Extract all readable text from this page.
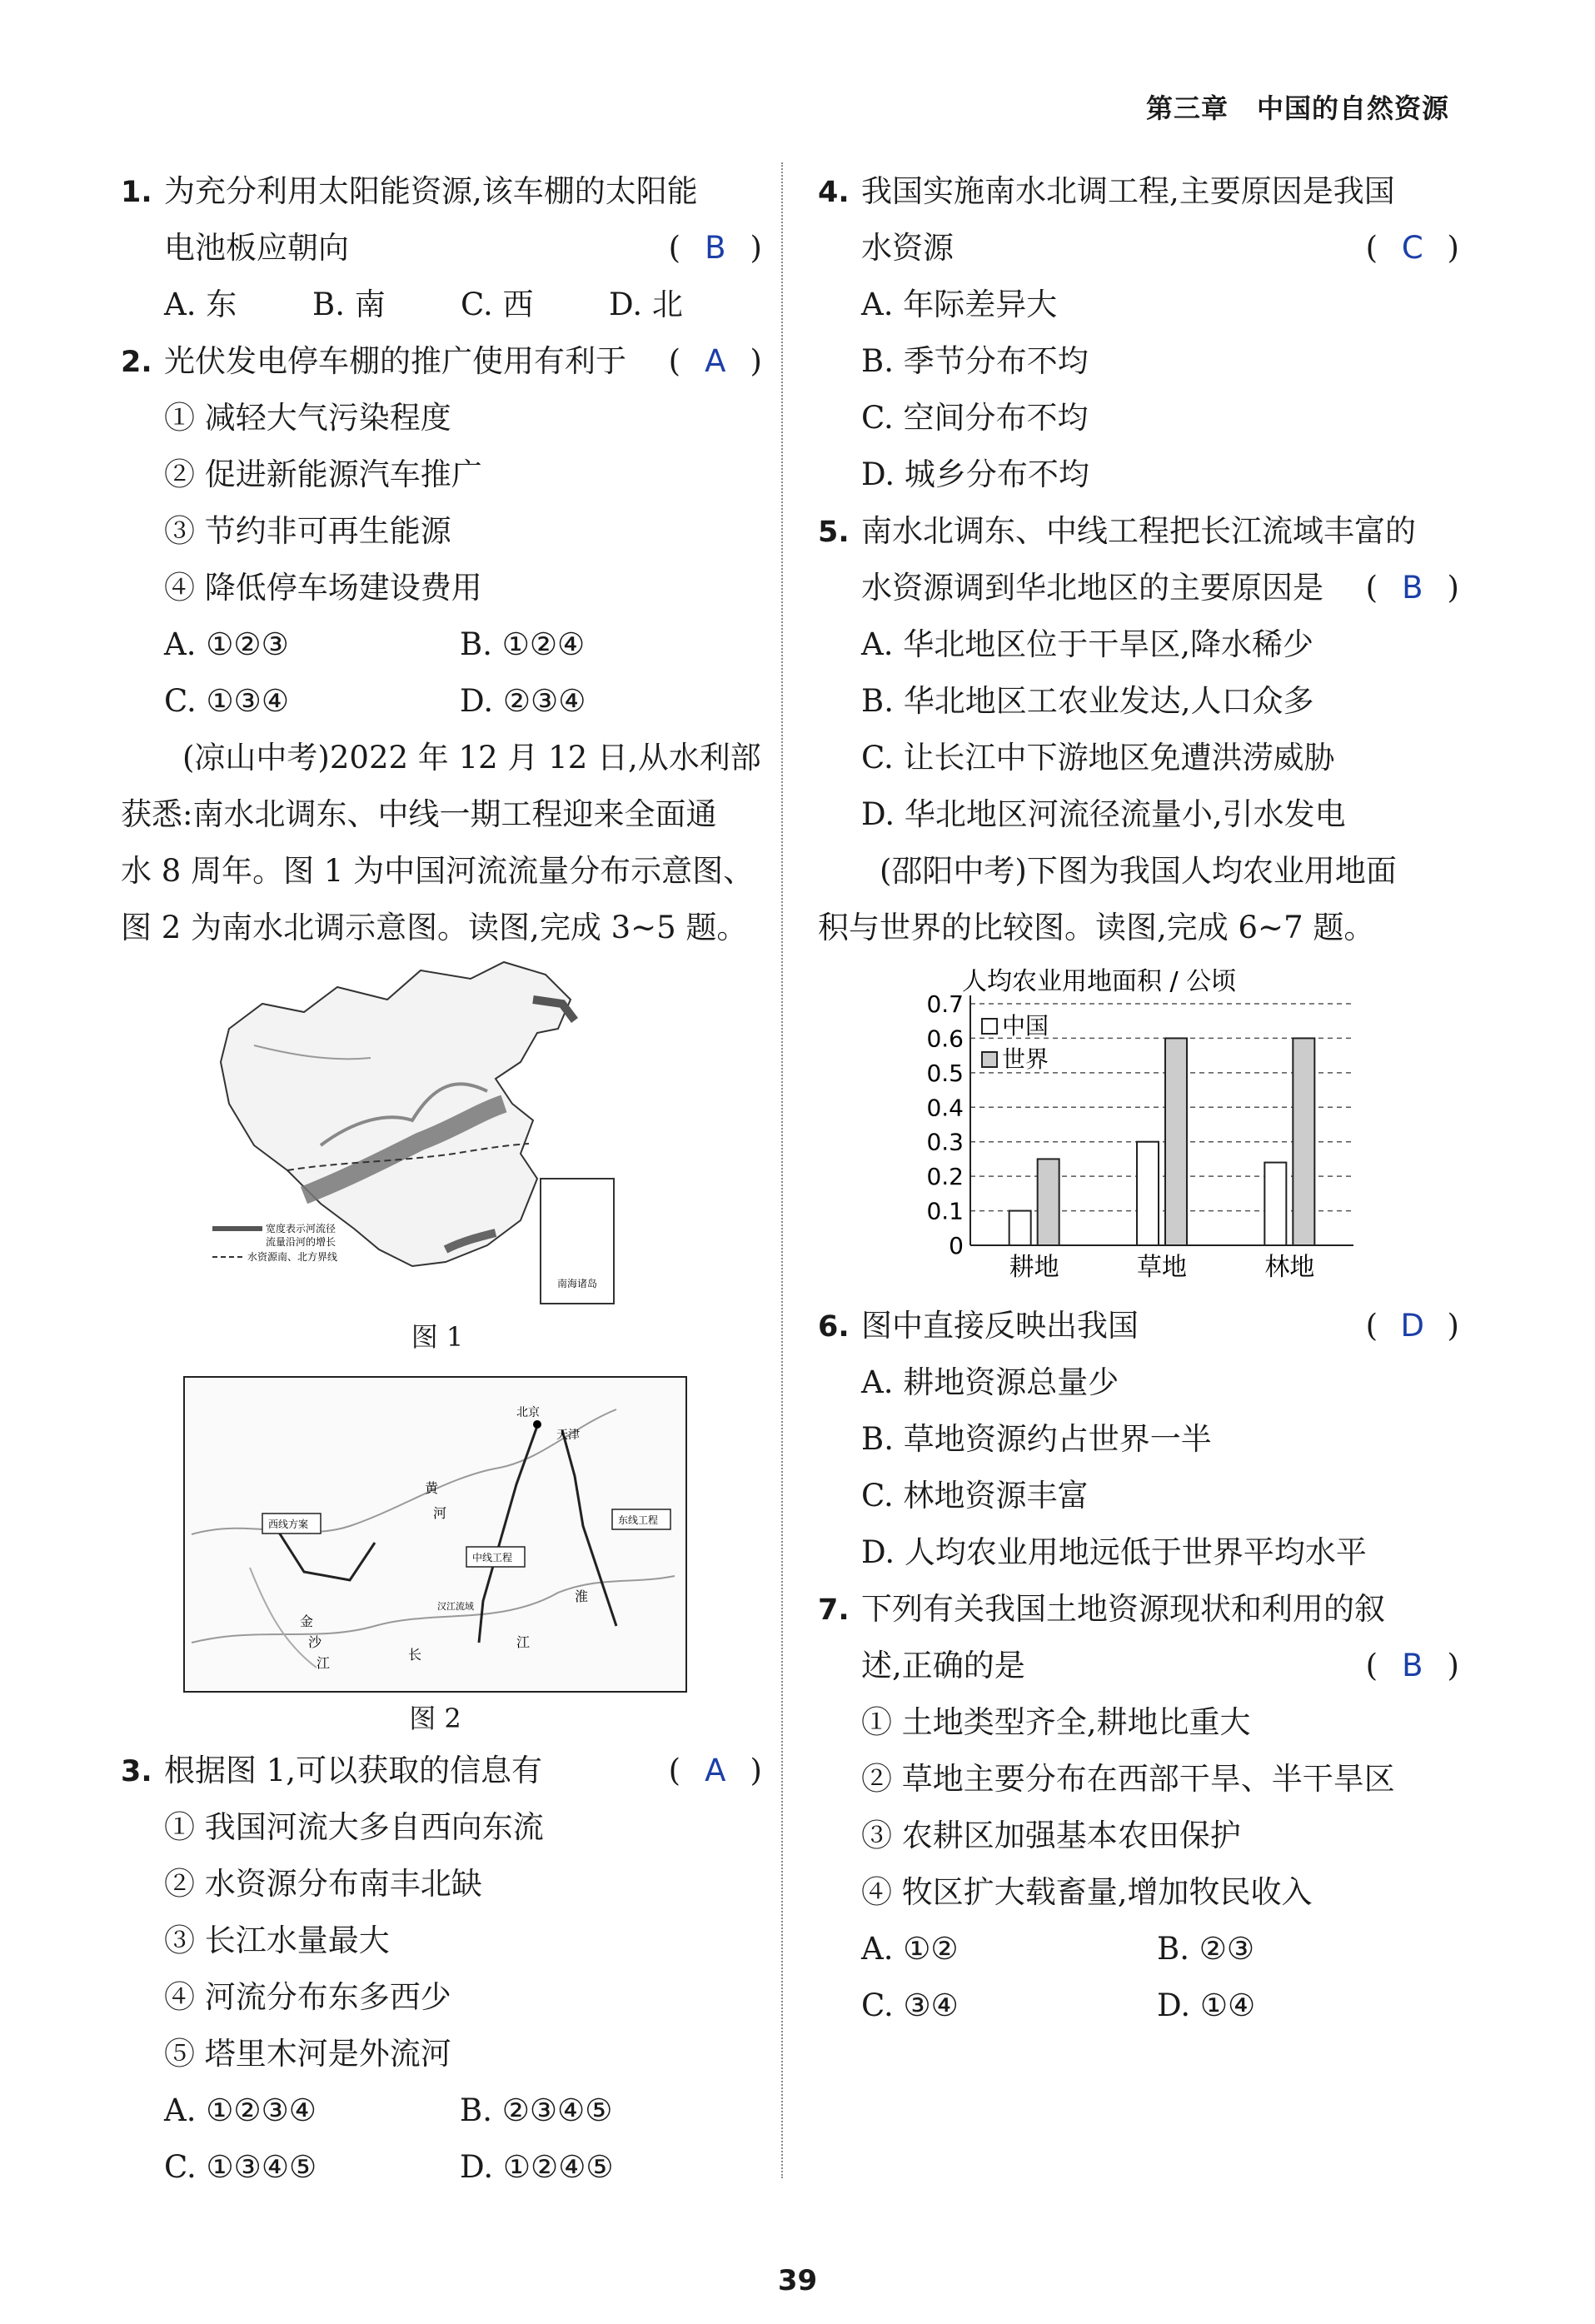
第三章 中国的自然资源
1. 为充分利用太阳能资源,该车棚的太阳能
电池板应朝向	( B )
A. 东	B. 南	C. 西	D. 北
2. 光伏发电停车棚的推广使用有利于 ( A )
① 减轻大气污染程度
② 促进新能源汽车推广
③ 节约非可再生能源
④ 降低停车场建设费用
A. ①②③	B. ①②④
C. ①③④	D. ②③④
(凉山中考)2022 年 12 月 12 日,从水利部
获悉:南水北调东、中线一期工程迎来全面通
水 8 周年。图 1 为中国河流流量分布示意图、
图 2 为南水北调示意图。读图,完成 3~5 题。
南海诸岛
宽度表示河流径
流量沿河的增长
水资源南、北方界线
图 1
北京
天津
西线方案
中线工程
东线工程
黄
河
金
沙
江
长
江
淮
汉江流域
图 2
3. 根据图 1,可以获取的信息有	( A )
① 我国河流大多自西向东流
② 水资源分布南丰北缺
③ 长江水量最大
④ 河流分布东多西少
⑤ 塔里木河是外流河
A. ①②③④	B. ②③④⑤
C. ①③④⑤	D. ①②④⑤
4. 我国实施南水北调工程,主要原因是我国
水资源	( C )
A. 年际差异大
B. 季节分布不均
C. 空间分布不均
D. 城乡分布不均
5. 南水北调东、中线工程把长江流域丰富的
水资源调到华北地区的主要原因是 ( B )
A. 华北地区位于干旱区,降水稀少
B. 华北地区工农业发达,人口众多
C. 让长江中下游地区免遭洪涝威胁
D. 华北地区河流径流量小,引水发电
(邵阳中考)下图为我国人均农业用地面
积与世界的比较图。读图,完成 6~7 题。
人均农业用地面积 / 公顷
0
0.1
0.2
0.3
0.4
0.5
0.6
0.7
耕地	草地	林地
中国
世界
6. 图中直接反映出我国	( D )
A. 耕地资源总量少
B. 草地资源约占世界一半
C. 林地资源丰富
D. 人均农业用地远低于世界平均水平
7. 下列有关我国土地资源现状和利用的叙
述,正确的是	( B )
① 土地类型齐全,耕地比重大
② 草地主要分布在西部干旱、半干旱区
③ 农耕区加强基本农田保护
④ 牧区扩大载畜量,增加牧民收入
A. ①②	B. ②③
C. ③④	D. ①④
39
